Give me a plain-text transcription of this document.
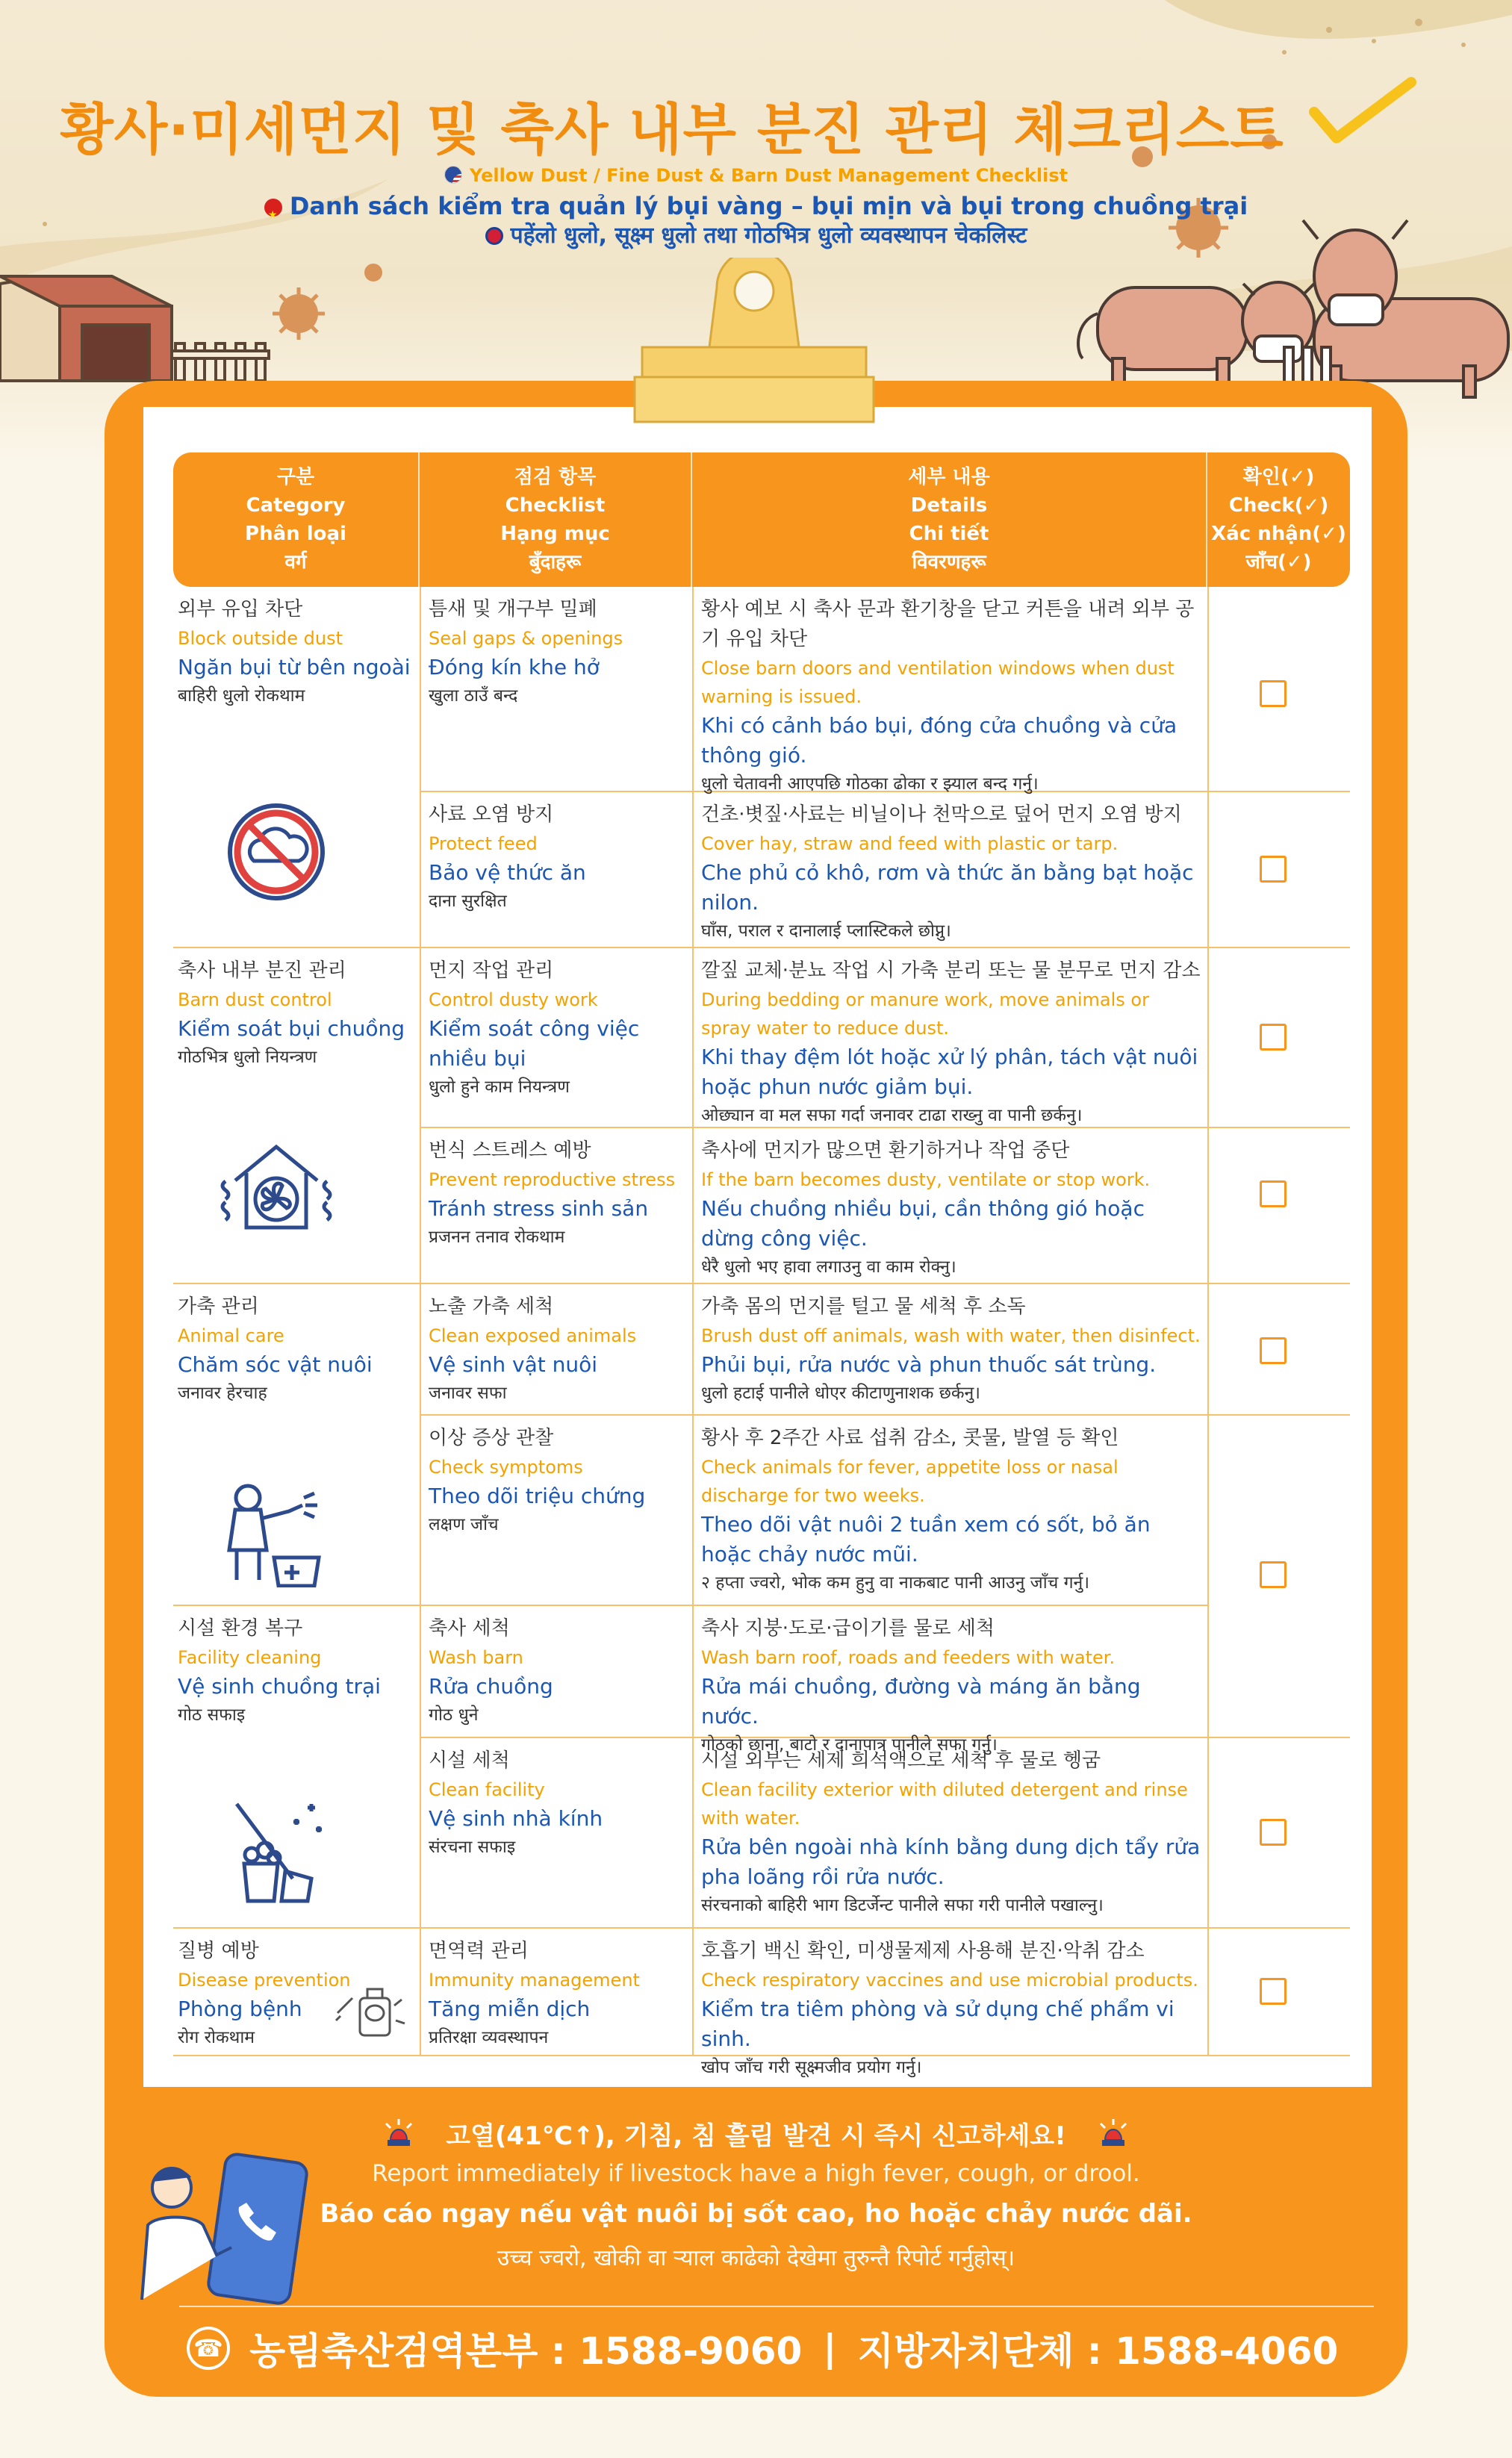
황사·미세먼지 및 축사 내부 분진 관리 체크리스트
Yellow Dust / Fine Dust & Barn Dust Management Checklist
★Danh sách kiểm tra quản lý bụi vàng – bụi mịn và bụi trong chuồng trại
पहेंलो धुलो, सूक्ष्म धुलो तथा गोठभित्र धुलो व्यवस्थापन चेकलिस्ट
구분
Category
Phân loại
वर्ग
점검 항목
Checklist
Hạng mục
बुँदाहरू
세부 내용
Details
Chi tiết
विवरणहरू
확인(✓)
Check(✓)
Xác nhận(✓)
जाँच(✓)
외부 유입 차단
Block outside dust
Ngăn bụi từ bên ngoài
बाहिरी धुलो रोकथाम
틈새 및 개구부 밀폐
Seal gaps & openings
Đóng kín khe hở
खुला ठाउँ बन्द
황사 예보 시 축사 문과 환기창을 닫고 커튼을 내려 외부 공기 유입 차단
Close barn doors and ventilation windows when dust warning is issued.
Khi có cảnh báo bụi, đóng cửa chuồng và cửa thông gió.
धुलो चेतावनी आएपछि गोठका ढोका र झ्याल बन्द गर्नु।
사료 오염 방지
Protect feed
Bảo vệ thức ăn
दाना सुरक्षित
건초·볏짚·사료는 비닐이나 천막으로 덮어 먼지 오염 방지
Cover hay, straw and feed with plastic or tarp.
Che phủ cỏ khô, rơm và thức ăn bằng bạt hoặc nilon.
घाँस, पराल र दानालाई प्लास्टिकले छोप्नु।
축사 내부 분진 관리
Barn dust control
Kiểm soát bụi chuồng
गोठभित्र धुलो नियन्त्रण
먼지 작업 관리
Control dusty work
Kiểm soát công việc nhiều bụi
धुलो हुने काम नियन्त्रण
깔짚 교체·분뇨 작업 시 가축 분리 또는 물 분무로 먼지 감소
During bedding or manure work, move animals or spray water to reduce dust.
Khi thay đệm lót hoặc xử lý phân, tách vật nuôi hoặc phun nước giảm bụi.
ओछ्यान वा मल सफा गर्दा जनावर टाढा राख्नु वा पानी छर्कनु।
번식 스트레스 예방
Prevent reproductive stress
Tránh stress sinh sản
प्रजनन तनाव रोकथाम
축사에 먼지가 많으면 환기하거나 작업 중단
If the barn becomes dusty, ventilate or stop work.
Nếu chuồng nhiều bụi, cần thông gió hoặc dừng công việc.
धेरै धुलो भए हावा लगाउनु वा काम रोक्नु।
가축 관리
Animal care
Chăm sóc vật nuôi
जनावर हेरचाह
노출 가축 세척
Clean exposed animals
Vệ sinh vật nuôi
जनावर सफा
가축 몸의 먼지를 털고 물 세척 후 소독
Brush dust off animals, wash with water, then disinfect.
Phủi bụi, rửa nước và phun thuốc sát trùng.
धुलो हटाई पानीले धोएर कीटाणुनाशक छर्कनु।
이상 증상 관찰
Check symptoms
Theo dõi triệu chứng
लक्षण जाँच
황사 후 2주간 사료 섭취 감소, 콧물, 발열 등 확인
Check animals for fever, appetite loss or nasal discharge for two weeks.
Theo dõi vật nuôi 2 tuần xem có sốt, bỏ ăn hoặc chảy nước mũi.
२ हप्ता ज्वरो, भोक कम हुनु वा नाकबाट पानी आउनु जाँच गर्नु।
시설 환경 복구
Facility cleaning
Vệ sinh chuồng trại
गोठ सफाइ
축사 세척
Wash barn
Rửa chuồng
गोठ धुने
축사 지붕·도로·급이기를 물로 세척
Wash barn roof, roads and feeders with water.
Rửa mái chuồng, đường và máng ăn bằng nước.
गोठको छाना, बाटो र दानापात्र पानीले सफा गर्नु।
시설 세척
Clean facility
Vệ sinh nhà kính
संरचना सफाइ
시설 외부는 세제 희석액으로 세척 후 물로 헹굼
Clean facility exterior with diluted detergent and rinse with water.
Rửa bên ngoài nhà kính bằng dung dịch tẩy rửa pha loãng rồi rửa nước.
संरचनाको बाहिरी भाग डिटर्जेन्ट पानीले सफा गरी पानीले पखाल्नु।
질병 예방
Disease prevention
Phòng bệnh
रोग रोकथाम
면역력 관리
Immunity management
Tăng miễn dịch
प्रतिरक्षा व्यवस्थापन
호흡기 백신 확인, 미생물제제 사용해 분진·악취 감소
Check respiratory vaccines and use microbial products.
Kiểm tra tiêm phòng và sử dụng chế phẩm vi sinh.
खोप जाँच गरी सूक्ष्मजीव प्रयोग गर्नु।
고열(41℃↑), 기침, 침 흘림 발견 시 즉시 신고하세요!
Report immediately if livestock have a high fever, cough, or drool.
Báo cáo ngay nếu vật nuôi bị sốt cao, ho hoặc chảy nước dãi.
उच्च ज्वरो, खोकी वा र्‍याल काढेको देखेमा तुरुन्तै रिपोर्ट गर्नुहोस्।
☎ 농림축산검역본부 : 1588-9060 | 지방자치단체 : 1588-4060
